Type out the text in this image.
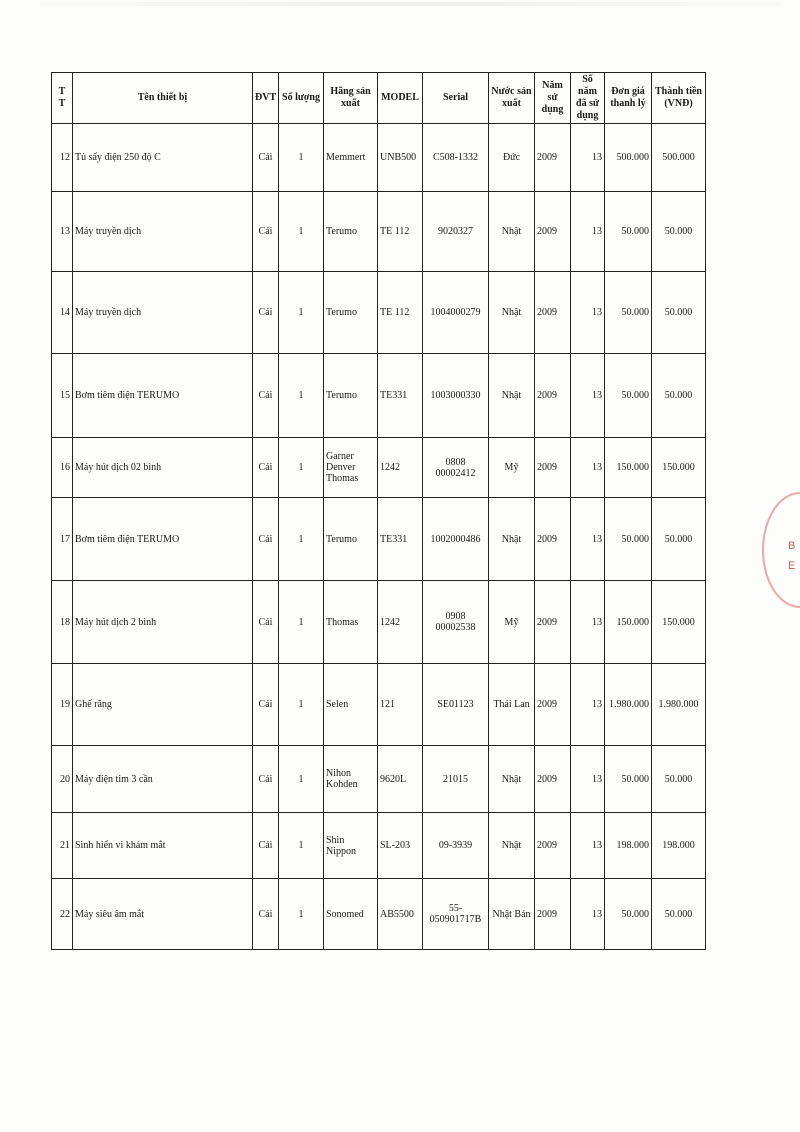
T
T	Tên thiết bị	ĐVT	Số lượng	Hãng sản xuất	MODEL	Serial	Nước sản xuất	Năm sử dụng	Số năm đã sử dụng	Đơn giá thanh lý	Thành tiền (VNĐ)
12	Tủ sấy điện 250 độ C	Cái	1	Memmert	UNB500	C508-1332	Đức	2009	13	500.000	500.000
13	Máy truyền dịch	Cái	1	Terumo	TE 112	9020327	Nhật	2009	13	50.000	50.000
14	Máy truyền dịch	Cái	1	Terumo	TE 112	1004000279	Nhật	2009	13	50.000	50.000
15	Bơm tiêm điện TERUMO	Cái	1	Terumo	TE331	1003000330	Nhật	2009	13	50.000	50.000
16	Máy hút dịch 02 bình	Cái	1	Garner Denver Thomas	1242	0808 00002412	Mỹ	2009	13	150.000	150.000
17	Bơm tiêm điện TERUMO	Cái	1	Terumo	TE331	1002000486	Nhật	2009	13	50.000	50.000
18	Máy hút dịch 2 bình	Cái	1	Thomas	1242	0908 00002538	Mỹ	2009	13	150.000	150.000
19	Ghế răng	Cái	1	Selen	121	SE01123	Thái Lan	2009	13	1.980.000	1.980.000
20	Máy điện tim 3 cần	Cái	1	Nihon Kohden	9620L	21015	Nhật	2009	13	50.000	50.000
21	Sinh hiển vi khám mắt	Cái	1	Shin Nippon	SL-203	09-3939	Nhật	2009	13	198.000	198.000
22	Máy siêu âm mắt	Cái	1	Sonomed	AB5500	55-050901717B	Nhật Bản	2009	13	50.000	50.000
B
E
